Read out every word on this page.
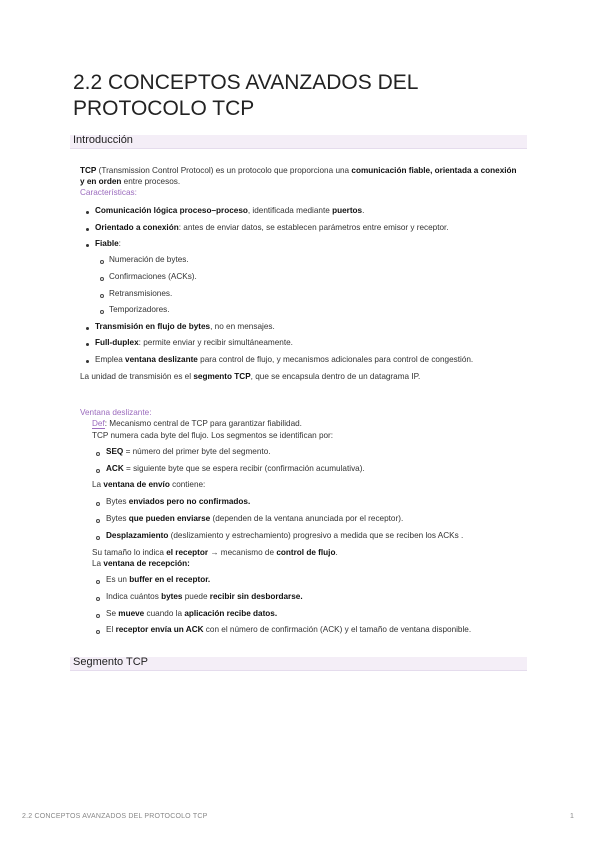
2.2 CONCEPTOS AVANZADOS DEL PROTOCOLO TCP
Introducción
TCP (Transmission Control Protocol) es un protocolo que proporciona una comunicación fiable, orientada a conexión
y en orden entre procesos.
Características:
Comunicación lógica proceso–proceso, identificada mediante puertos.
Orientado a conexión: antes de enviar datos, se establecen parámetros entre emisor y receptor.
Fiable:
Numeración de bytes.
Confirmaciones (ACKs).
Retransmisiones.
Temporizadores.
Transmisión en flujo de bytes, no en mensajes.
Full-duplex: permite enviar y recibir simultáneamente.
Emplea ventana deslizante para control de flujo, y mecanismos adicionales para control de congestión.
La unidad de transmisión es el segmento TCP, que se encapsula dentro de un datagrama IP.
Ventana deslizante:
Def: Mecanismo central de TCP para garantizar fiabilidad.
TCP numera cada byte del flujo. Los segmentos se identifican por:
SEQ = número del primer byte del segmento.
ACK = siguiente byte que se espera recibir (confirmación acumulativa).
La ventana de envío contiene:
Bytes enviados pero no confirmados.
Bytes que pueden enviarse (dependen de la ventana anunciada por el receptor).
Desplazamiento (deslizamiento y estrechamiento) progresivo a medida que se reciben los ACKs .
Su tamaño lo indica el receptor → mecanismo de control de flujo.
La ventana de recepción:
Es un buffer en el receptor.
Indica cuántos bytes puede recibir sin desbordarse.
Se mueve cuando la aplicación recibe datos.
El receptor envía un ACK con el número de confirmación (ACK) y el tamaño de ventana disponible.
Segmento TCP
2.2 CONCEPTOS AVANZADOS DEL PROTOCOLO TCP	1
